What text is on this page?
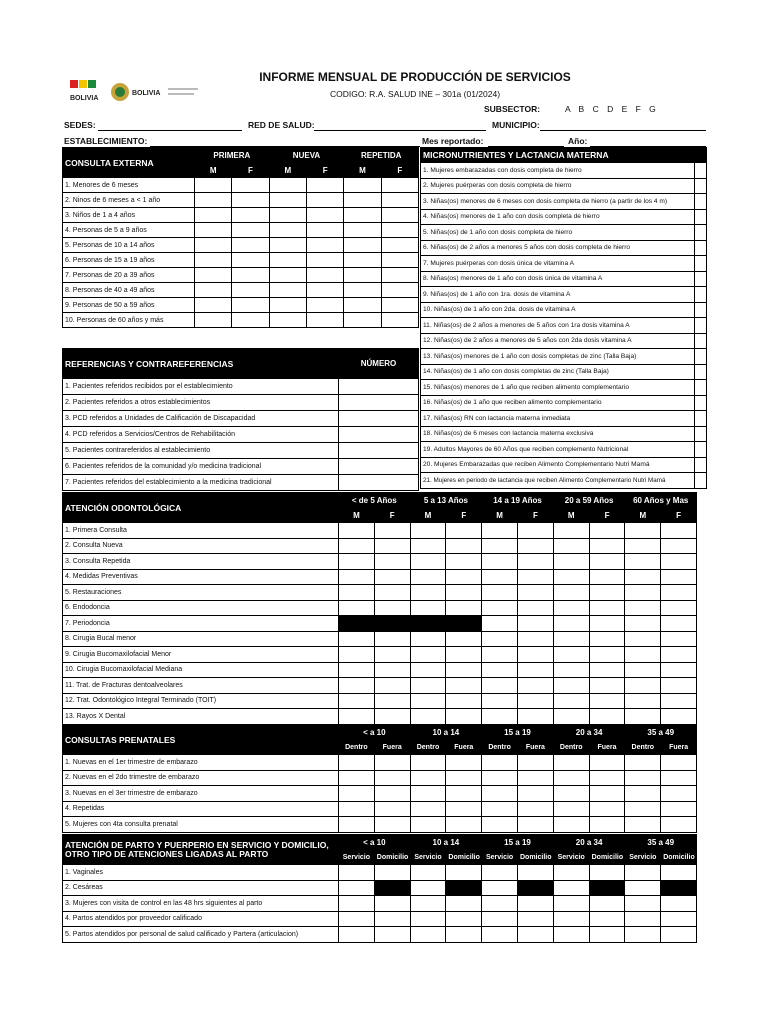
BOLIVIA
BOLIVIA
INFORME MENSUAL DE PRODUCCIÓN DE SERVICIOS
CODIGO: R.A. SALUD INE – 301a (01/2024)
SUBSECTOR:	A B C D E F G
SEDES:	RED DE SALUD:	MUNICIPIO:
ESTABLECIMIENTO:	Mes reportado:	Año:
CONSULTA EXTERNA	PRIMERA		NUEVA		REPETIDA	
	M	F	M	F	M	F
1. Menores de 6 meses						
2. Ninos de 6 meses a < 1 año						
3. Niños de 1 a 4 años						
4. Personas de 5 a 9 años						
5. Personas de 10 a 14 años						
6. Personas de 15 a 19 años						
7. Personas de 20 a 39 años						
8. Personas de 40 a 49 años						
9. Personas de 50 a 59 años						
10. Personas de 60 años y más						
MICRONUTRIENTES Y LACTANCIA MATERNA	
1. Mujeres embarazadas con dosis completa de hierro	
2. Mujeres puérperas con dosis completa de hierro	
3. Niñas(os) menores de 6 meses con dosis completa de hierro (a partir de los 4 m)	
4. Niñas(os) menores de 1 año con dosis completa de hierro	
5. Niñas(os) de 1 año con dosis completa de hierro	
6. Niñas(os) de 2 años a menores 5 años con dosis completa de hierro	
7. Mujeres puérperas con dosis única de vitamina A	
8. Niñas(os) menores de 1 año con dosis única de vitamina A	
9. Niñas(os) de 1 año con 1ra. dosis de vitamina A	
10. Niñas(os) de 1 año con 2da. dosis de vitamina A	
11. Niñas(os) de 2 años a menores de 5 años con 1ra dosis vitamina A	
12. Niñas(os) de 2 años a menores de 5 años con 2da dosis vitamina A	
13. Niñas(os) menores de 1 año con dosis completas de zinc (Talla Baja)	
14. Niñas(os) de 1 año con dosis completas de zinc (Talla Baja)	
15. Niñas(os) menores de 1 año que reciben alimento complementario	
16. Niñas(os) de 1 año que reciben alimento complementario	
17. Niñas(os) RN con lactancia materna inmediata	
18. Niñas(os) de 6 meses con lactancia materna exclusiva	
19. Adultos Mayores de 60 Años que reciben complemento Nutricional	
20. Mujeres Embarazadas que reciben Alimento Complementario Nutri Mamá	
21. Mujeres en periodo de lactancia que reciben Alimento Complementario Nutri Mamá	
REFERENCIAS Y CONTRAREFERENCIAS	NÚMERO
1. Pacientes referidos recibidos por el establecimiento	
2. Pacientes referidos a otros establecimientos	
3. PCD referidos a Unidades de Calificación de Discapacidad	
4. PCD referidos a Servicios/Centros de Rehabilitación	
5. Pacientes contrareferidos al establecimiento	
6. Pacientes referidos de la comunidad y/o medicina tradicional	
7. Pacientes referidos del establecimiento a la medicina tradicional	
ATENCIÓN ODONTOLÓGICA	< de 5 Años		5 a 13 Años		14 a 19 Años		20 a 59 Años		60 Años y Mas	
	M	F	M	F	M	F	M	F	M	F
1. Primera Consulta										
2. Consulta Nueva										
3. Consulta Repetida										
4. Medidas Preventivas										
5. Restauraciones										
6. Endodoncia										
7. Periodoncia										
8. Cirugia Bucal menor										
9. Cirugia Bucomaxilofacial Menor										
10. Cirugia Bucomaxilofacial Mediana										
11. Trat. de Fracturas dentoalveolares										
12. Trat. Odontológico Integral Terminado (TOIT)										
13. Rayos X Dental										
CONSULTAS PRENATALES	< a 10		10 a 14		15 a 19		20 a 34		35 a 49	
	Dentro	Fuera	Dentro	Fuera	Dentro	Fuera	Dentro	Fuera	Dentro	Fuera
1. Nuevas en el 1er trimestre de embarazo										
2. Nuevas en el 2do trimestre de embarazo										
3. Nuevas en el 3er trimestre de embarazo										
4. Repetidas										
5. Mujeres con 4ta consulta prenatal										
ATENCIÓN DE PARTO Y PUERPERIO EN SERVICIO Y DOMICILIO, OTRO TIPO DE ATENCIONES LIGADAS AL PARTO	< a 10		10 a 14		15 a 19		20 a 34		35 a 49	
	Servicio	Domicilio	Servicio	Domicilio	Servicio	Domicilio	Servicio	Domicilio	Servicio	Domicilio
1. Vaginales										
2. Cesáreas										
3. Mujeres con visita de control en las 48 hrs siguientes al parto										
4. Partos atendidos por proveedor calificado										
5. Partos atendidos por personal de salud calificado y Partera (articulacion)										
